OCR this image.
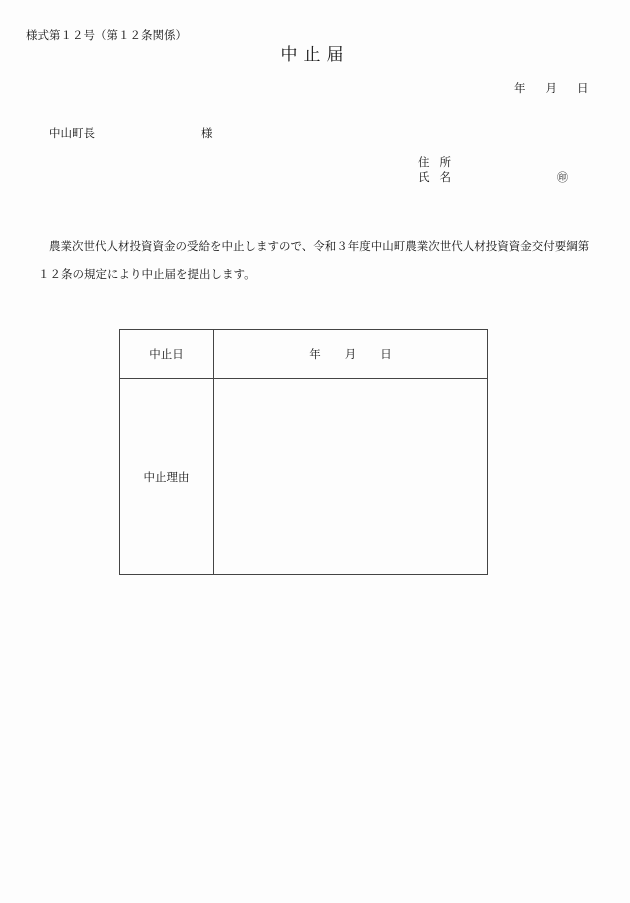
様式第１２号（第１２条関係）
中止届
年 月 日
中山町長	様
住所
氏名	㊞
農業次世代人材投資資金の受給を中止しますので、令和３年度中山町農業次世代人材投資資金交付要綱第
１２条の規定により中止届を提出します。
中止日	年 月 日
中止理由	
